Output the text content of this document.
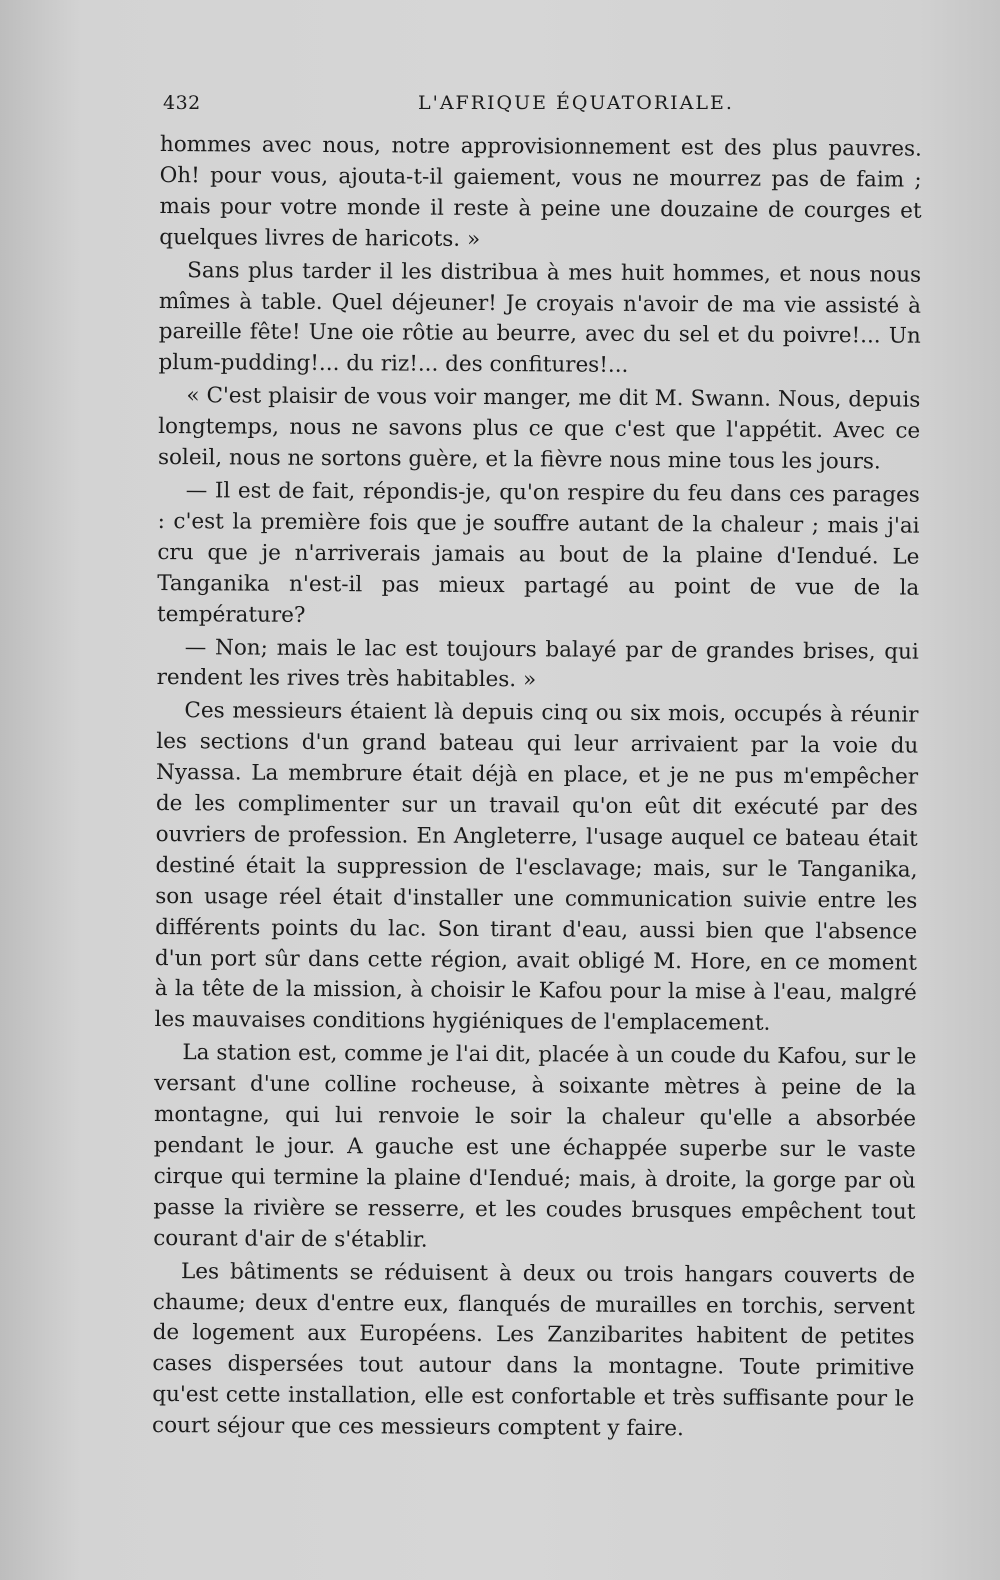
432	L'AFRIQUE ÉQUATORIALE.

hommes avec nous, notre approvisionnement est des plus pauvres. Oh! pour vous, ajouta-t-il gaiement, vous ne mourrez pas de faim ; mais pour votre monde il reste à peine une douzaine de courges et quelques livres de haricots. »

Sans plus tarder il les distribua à mes huit hommes, et nous nous mîmes à table. Quel déjeuner! Je croyais n'avoir de ma vie assisté à pareille fête! Une oie rôtie au beurre, avec du sel et du poivre!... Un plum-pudding!... du riz!... des confitures!...

« C'est plaisir de vous voir manger, me dit M. Swann. Nous, depuis longtemps, nous ne savons plus ce que c'est que l'appétit. Avec ce soleil, nous ne sortons guère, et la fièvre nous mine tous les jours.

— Il est de fait, répondis-je, qu'on respire du feu dans ces parages : c'est la première fois que je souffre autant de la chaleur ; mais j'ai cru que je n'arriverais jamais au bout de la plaine d'Iendué. Le Tanganika n'est-il pas mieux partagé au point de vue de la température?

— Non; mais le lac est toujours balayé par de grandes brises, qui rendent les rives très habitables. »

Ces messieurs étaient là depuis cinq ou six mois, occupés à réunir les sections d'un grand bateau qui leur arrivaient par la voie du Nyassa. La membrure était déjà en place, et je ne pus m'empêcher de les complimenter sur un travail qu'on eût dit exécuté par des ouvriers de profession. En Angleterre, l'usage auquel ce bateau était destiné était la suppression de l'esclavage; mais, sur le Tanganika, son usage réel était d'installer une communication suivie entre les différents points du lac. Son tirant d'eau, aussi bien que l'absence d'un port sûr dans cette région, avait obligé M. Hore, en ce moment à la tête de la mission, à choisir le Kafou pour la mise à l'eau, malgré les mauvaises conditions hygiéniques de l'emplacement.

La station est, comme je l'ai dit, placée à un coude du Kafou, sur le versant d'une colline rocheuse, à soixante mètres à peine de la montagne, qui lui renvoie le soir la chaleur qu'elle a absorbée pendant le jour. A gauche est une échappée superbe sur le vaste cirque qui termine la plaine d'Iendué; mais, à droite, la gorge par où passe la rivière se resserre, et les coudes brusques empêchent tout courant d'air de s'établir.

Les bâtiments se réduisent à deux ou trois hangars couverts de chaume; deux d'entre eux, flanqués de murailles en torchis, servent de logement aux Européens. Les Zanzibarites habitent de petites cases dispersées tout autour dans la montagne. Toute primitive qu'est cette installation, elle est confortable et très suffisante pour le court séjour que ces messieurs comptent y faire.
